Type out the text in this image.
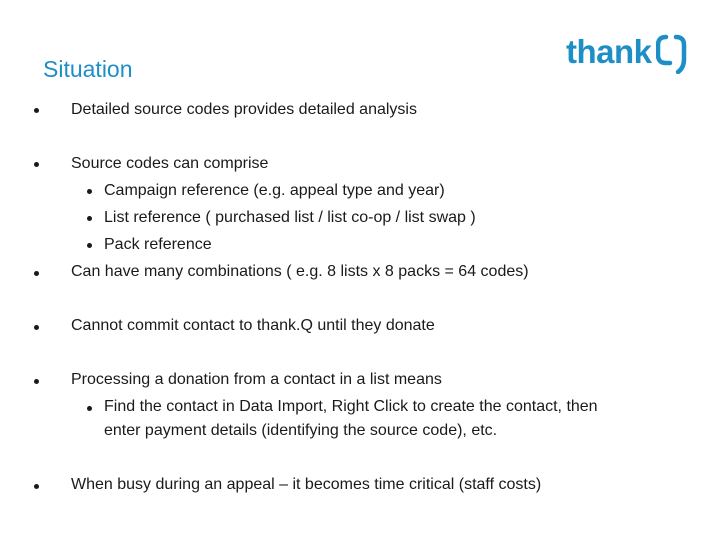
Situation	thank
Detailed source codes provides detailed analysis
Source codes can comprise
Campaign reference (e.g. appeal type and year)
List reference ( purchased list / list co-op / list swap )
Pack reference
Can have many combinations ( e.g. 8 lists x 8 packs = 64 codes)
Cannot commit contact to thank.Q until they donate
Processing a donation from a contact in a list means
Find the contact in Data Import, Right Click to create the contact, then
enter payment details (identifying the source code), etc.
When busy during an appeal – it becomes time critical (staff costs)
